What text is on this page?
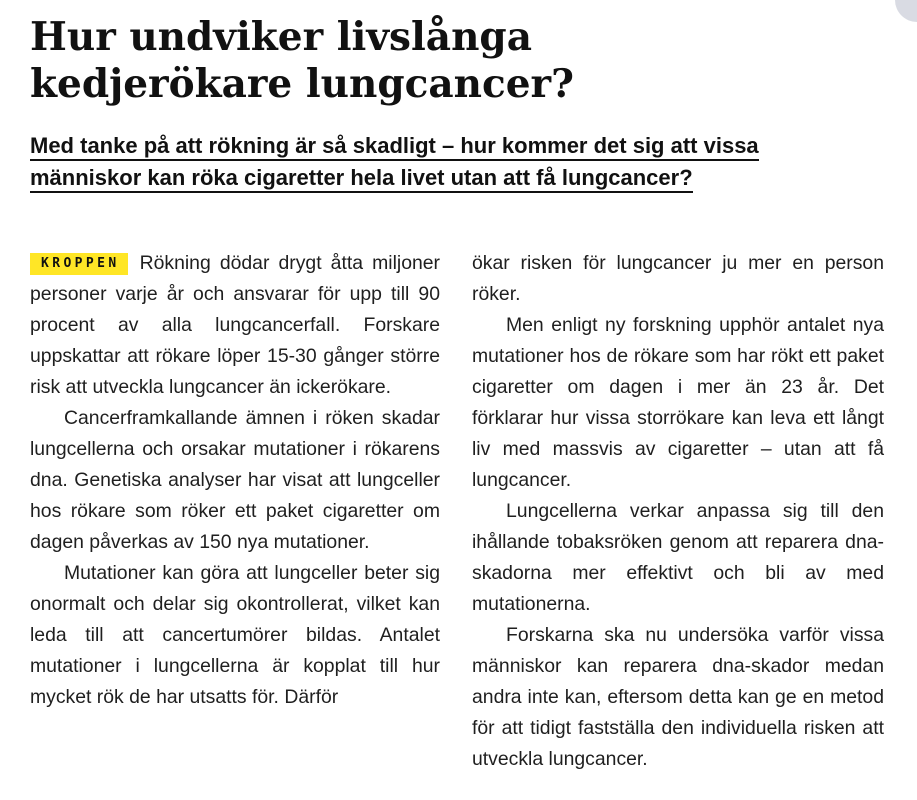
Hur undviker livslånga
kedjerökare lungcancer?
Med tanke på att rökning är så skadligt – hur kommer det sig att vissa
människor kan röka cigaretter hela livet utan att få lungcancer?

KROPPEN Rökning dödar drygt åtta miljoner personer varje år och ansvarar för upp till 90 procent av alla lungcancerfall. Forskare uppskattar att rökare löper 15-30 gånger större risk att utveckla lungcancer än ickerökare.

Cancerframkallande ämnen i röken skadar lungcellerna och orsakar mutationer i rökarens dna. Genetiska analyser har visat att lungceller hos rökare som röker ett paket cigaretter om dagen påverkas av 150 nya mutationer.

Mutationer kan göra att lungceller beter sig onormalt och delar sig okontrollerat, vilket kan leda till att cancertumörer bildas. Antalet mutationer i lungcellerna är kopplat till hur mycket rök de har utsatts för. Därför

ökar risken för lungcancer ju mer en person röker.

Men enligt ny forskning upphör antalet nya mutationer hos de rökare som har rökt ett paket cigaretter om dagen i mer än 23 år. Det förklarar hur vissa storrökare kan leva ett långt liv med massvis av cigaretter – utan att få lungcancer.

Lungcellerna verkar anpassa sig till den ihållande tobaksröken genom att reparera dna-skadorna mer effektivt och bli av med mutationerna.

Forskarna ska nu undersöka varför vissa människor kan reparera dna-skador medan andra inte kan, eftersom detta kan ge en metod för att tidigt fastställa den individuella risken att utveckla lungcancer.
